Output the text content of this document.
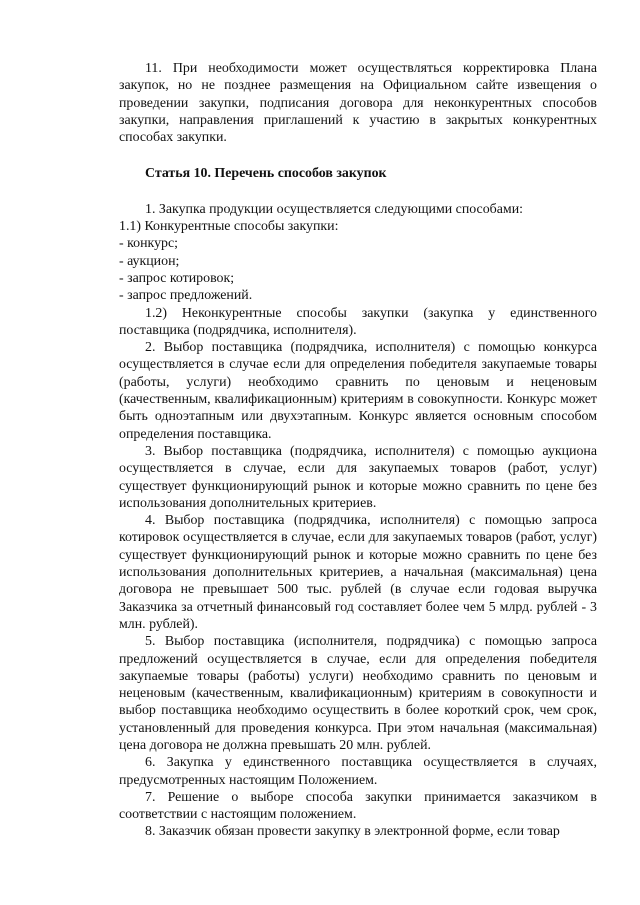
11. При необходимости может осуществляться корректировка Плана закупок, но не позднее размещения на Официальном сайте извещения о проведении закупки, подписания договора для неконкурентных способов закупки, направления приглашений к участию в закрытых конкурентных способах закупки.

Статья 10. Перечень способов закупок

1. Закупка продукции осуществляется следующими способами:

1.1) Конкурентные способы закупки:

- конкурс;

- аукцион;

- запрос котировок;

- запрос предложений.

1.2) Неконкурентные способы закупки (закупка у единственного поставщика (подрядчика, исполнителя).

2. Выбор поставщика (подрядчика, исполнителя) с помощью конкурса осуществляется в случае если для определения победителя закупаемые товары (работы, услуги) необходимо сравнить по ценовым и неценовым (качественным, квалификационным) критериям в совокупности. Конкурс может быть одноэтапным или двухэтапным. Конкурс является основным способом определения поставщика.

3. Выбор поставщика (подрядчика, исполнителя) с помощью аукциона осуществляется в случае, если для закупаемых товаров (работ, услуг) существует функционирующий рынок и которые можно сравнить по цене без использования дополнительных критериев.

4. Выбор поставщика (подрядчика, исполнителя) с помощью запроса котировок осуществляется в случае, если для закупаемых товаров (работ, услуг) существует функционирующий рынок и которые можно сравнить по цене без использования дополнительных критериев, а начальная (максимальная) цена договора не превышает 500 тыс. рублей (в случае если годовая выручка Заказчика за отчетный финансовый год составляет более чем 5 млрд. рублей - 3 млн. рублей).

5. Выбор поставщика (исполнителя, подрядчика) с помощью запроса предложений осуществляется в случае, если для определения победителя закупаемые товары (работы) услуги) необходимо сравнить по ценовым и неценовым (качественным, квалификационным) критериям в совокупности и выбор поставщика необходимо осуществить в более короткий срок, чем срок, установленный для проведения конкурса. При этом начальная (максимальная) цена договора не должна превышать 20 млн. рублей.

6. Закупка у единственного поставщика осуществляется в случаях, предусмотренных настоящим Положением.

7. Решение о выборе способа закупки принимается заказчиком в соответствии с настоящим положением.

8. Заказчик обязан провести закупку в электронной форме, если товар
